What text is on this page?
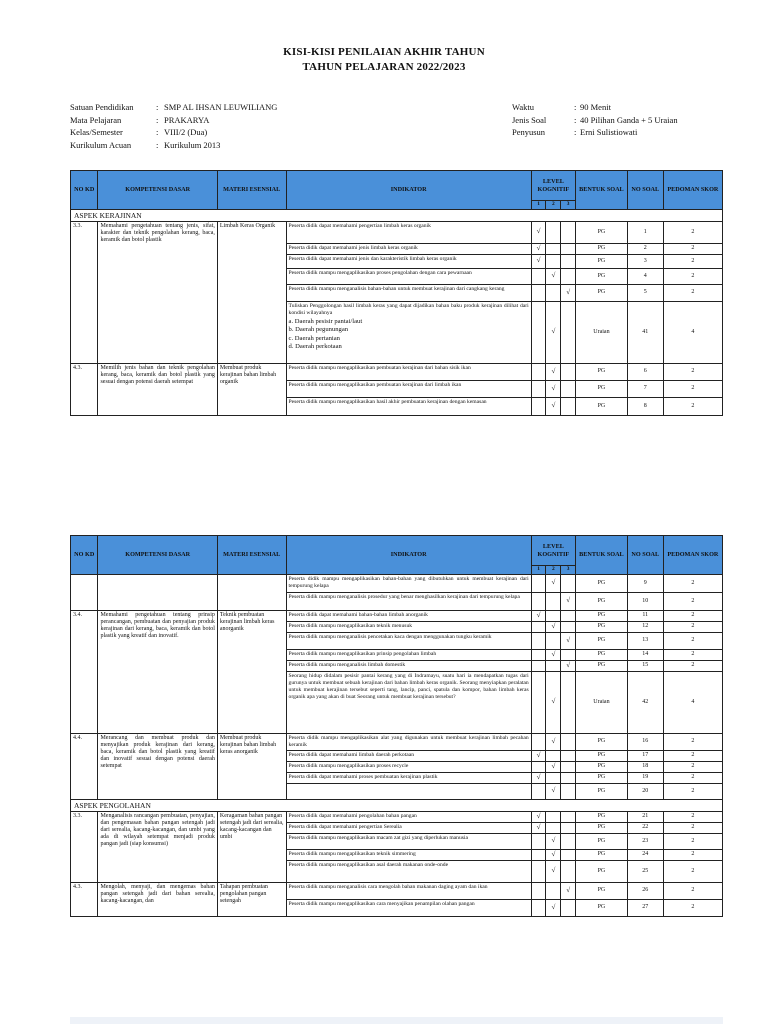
KISI-KISI PENILAIAN AKHIR TAHUN
TAHUN PELAJARAN 2022/2023
Satuan Pendidikan	: SMP AL IHSAN LEUWILIANG
Mata Pelajaran	: PRAKARYA
Kelas/Semester	: VIII/2 (Dua)
Kurikulum Acuan	: Kurikulum 2013
Waktu	: 90 Menit
Jenis Soal	: 40 Pilihan Ganda + 5 Uraian
Penyusun	: Erni Sulistiowati
NO KD	KOMPETENSI DASAR	MATERI ESENSIAL	INDIKATOR	LEVEL KOGNITIF			BENTUK SOAL	NO SOAL	PEDOMAN SKOR
				1	2	3			
ASPEK KERAJINAN									
3.3.	Memahami pengetahuan tentang jenis, sifat, karakter dan teknik pengolahan kerang, baca, keramik dan botol plastik	Limbah Keras Organik	Peserta didik dapat memahami pengertian limbah keras organik	√			PG	1	2
			Peserta didik dapat memahami jenis limbah keras organik	√			PG	2	2
			Peserta didik dapat memahami jenis dan karakteristik limbah keras organik	√			PG	3	2
			Peserta didik mampu mengaplikasikan proses pengolahan dengan cara pewarnaan		√		PG	4	2
			Peserta didik mampu menganalisis bahan-bahan untuk membuat kerajinan dari cangkang kerang			√	PG	5	2

			Tuliskan Penggolongan hasil limbah keras yang dapat dijadikan bahan baku produk kerajinan dilihat dari kondisi wilayahnya
a. Daerah pesisir pantai/laut
b. Daerah pegunungan
c. Daerah pertanian
d. Daerah perkotaan		√		Uraian	41	4
4.3.	Memilih jenis bahan dan teknik pengolahan kerang, baca, keramik dan botol plastik yang sesuai dengan potensi daerah setempat	Membuat produk kerajinan bahan limbah organik	Peserta didik mampu mengaplikasikan pembuatan kerajinan dari bahan sisik ikan		√		PG	6	2
			Peserta didik mampu mengaplikasikan pembuatan kerajinan dari limbah ikan		√		PG	7	2
			Peserta didik mampu mengaplikasikan hasil akhir pembuatan kerajinan dengan kemasan		√		PG	8	2
NO KD	KOMPETENSI DASAR	MATERI ESENSIAL	INDIKATOR	LEVEL KOGNITIF			BENTUK SOAL	NO SOAL	PEDOMAN SKOR
				1	2	3			
			Peserta didik mampu mengaplikasikan bahan-bahan yang dibutuhkan untuk membuat kerajinan dari tempurung kelapa		√		PG	9	2
			Peserta didik mampu menganalisis prosedur yang benar menghasilkan kerajinan dari tempurung kelapa			√	PG	10	2
3.4.	Memahami pengetahuan tentang prinsip perancangan, pembuatan dan penyajian produk kerajinan dari kerang, baca, keramik dan botol plastik yang kreatif dan inovatif.	Teknik pembuatan kerajinan limbah keras anorganik	Peserta didik dapat memahami bahan-bahan limbah anorganik	√			PG	11	2
			Peserta didik mampu mengaplikasikan teknik menusuk		√		PG	12	2
			Peserta didik mampu menganalisis pencetakan kaca dengan menggunakan tungku keramik			√	PG	13	2
			Peserta didik mampu mengaplikasikan prinsip pengolahan limbah		√		PG	14	2
			Peserta didik mampu menganalisis limbah domestik			√	PG	15	2

			Seorang hidup didalam pesisir pantai kerang yang di Indramayu, suatu hari ia mendapatkan tugas dari gurunya untuk membuat sebuah kerajinan dari bahan limbah keras organik. Seorang menyiapkan peralatan untuk membuat kerajinan tersebut seperti tang, lancip, panci, spatula dan kompor, bahan limbah keras organik apa yang akan di buat Seorang untuk membuat kerajinan tersebut?		√		Uraian	42	4
4.4.	Merancang dan membuat produk dan menyajikan produk kerajinan dari kerang, baca, keramik dan botol plastik yang kreatif dan inovatif sesuai dengan potensi daerah setempat	Membuat produk kerajinan bahan limbah keras anorganik	Peserta didik mampu mengaplikasikan alat yang digunakan untuk membuat kerajinan limbah pecahan keramik		√		PG	16	2
			Peserta didik dapat memahami limbah daerah perkotaan	√			PG	17	2
			Peserta didik mampu mengaplikasikan proses recycle		√		PG	18	2
			Peserta didik dapat memahami proses pembuatan kerajinan plastik	√			PG	19	2
					√		PG	20	2
ASPEK PENGOLAHAN									
3.3.	Menganalisis rancangan pembuatan, penyajian, dan pengemasan bahan pangan setengah jadi dari serealia, kacang-kacangan, dan umbi yang ada di wilayah setempat menjadi produk pangan jadi (siap konsumsi)	Keragaman bahan pangan setengah jadi dari serealia, kacang-kacangan dan umbi	Peserta didik dapat memahami pengolahan bahan pangan	√			PG	21	2
			Peserta didik dapat memahami pengertian Serealia	√			PG	22	2
			Peserta didik mampu mengaplikasikan macam zat gizi yang diperlukan manusia		√		PG	23	2
			Peserta didik mampu mengaplikasikan teknik simmering		√		PG	24	2
			Peserta didik mampu mengaplikasikan asal daerah makanan onde-onde		√		PG	25	2
4.3.	Mengolah, menyaji, dan mengemas bahan pangan setengah jadi dari bahan serealia, kacang-kacangan, dan	Tahapan pembuatan pengolahan pangan setengah	Peserta didik mampu menganalisis cara mengolah bahan makanan daging ayam dan ikan			√	PG	26	2
			Peserta didik mampu mengaplikasikan cara menyajikan penampilan olahan pangan		√		PG	27	2
